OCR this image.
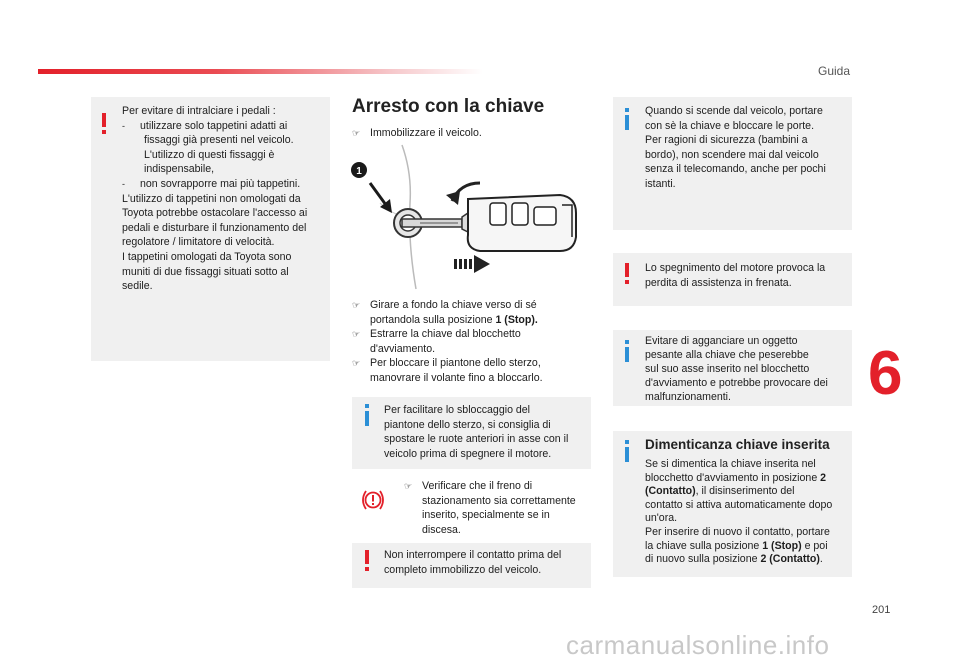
Guida

Per evitare di intralciare i pedali :

-	utilizzare solo tappetini adatti ai

fissaggi già presenti nel veicolo.

L'utilizzo di questi fissaggi è

indispensabile,

-	non sovrapporre mai più tappetini.

L'utilizzo di tappetini non omologati da

Toyota potrebbe ostacolare l'accesso ai

pedali e disturbare il funzionamento del

regolatore / limitatore di velocità.

I tappetini omologati da Toyota sono

muniti di due fissaggi situati sotto al

sedile.

Arresto con la chiave
☞ Immobilizzare il veicolo.
1
☞ Girare a fondo la chiave verso di sé

portandola sulla posizione 1 (Stop).

☞ Estrarre la chiave dal blocchetto

d'avviamento.

☞ Per bloccare il piantone dello sterzo,

manovrare il volante fino a bloccarlo.

Per facilitare lo sbloccaggio del

piantone dello sterzo, si consiglia di

spostare le ruote anteriori in asse con il

veicolo prima di spegnere il motore.

☞ Verificare che il freno di

stazionamento sia correttamente

inserito, specialmente se in

discesa.

Non interrompere il contatto prima del

completo immobilizzo del veicolo.

Quando si scende dal veicolo, portare

con sè la chiave e bloccare le porte.

Per ragioni di sicurezza (bambini a

bordo), non scendere mai dal veicolo

senza il telecomando, anche per pochi

istanti.

Lo spegnimento del motore provoca la

perdita di assistenza in frenata.

Evitare di agganciare un oggetto

pesante alla chiave che peserebbe

sul suo asse inserito nel blocchetto

d'avviamento e potrebbe provocare dei

malfunzionamenti.

Dimenticanza chiave inserita

Se si dimentica la chiave inserita nel

blocchetto d'avviamento in posizione 2

(Contatto), il disinserimento del

contatto si attiva automaticamente dopo

un'ora.

Per inserire di nuovo il contatto, portare

la chiave sulla posizione 1 (Stop) e poi

di nuovo sulla posizione 2 (Contatto).

6
201
carmanualsonline.info
